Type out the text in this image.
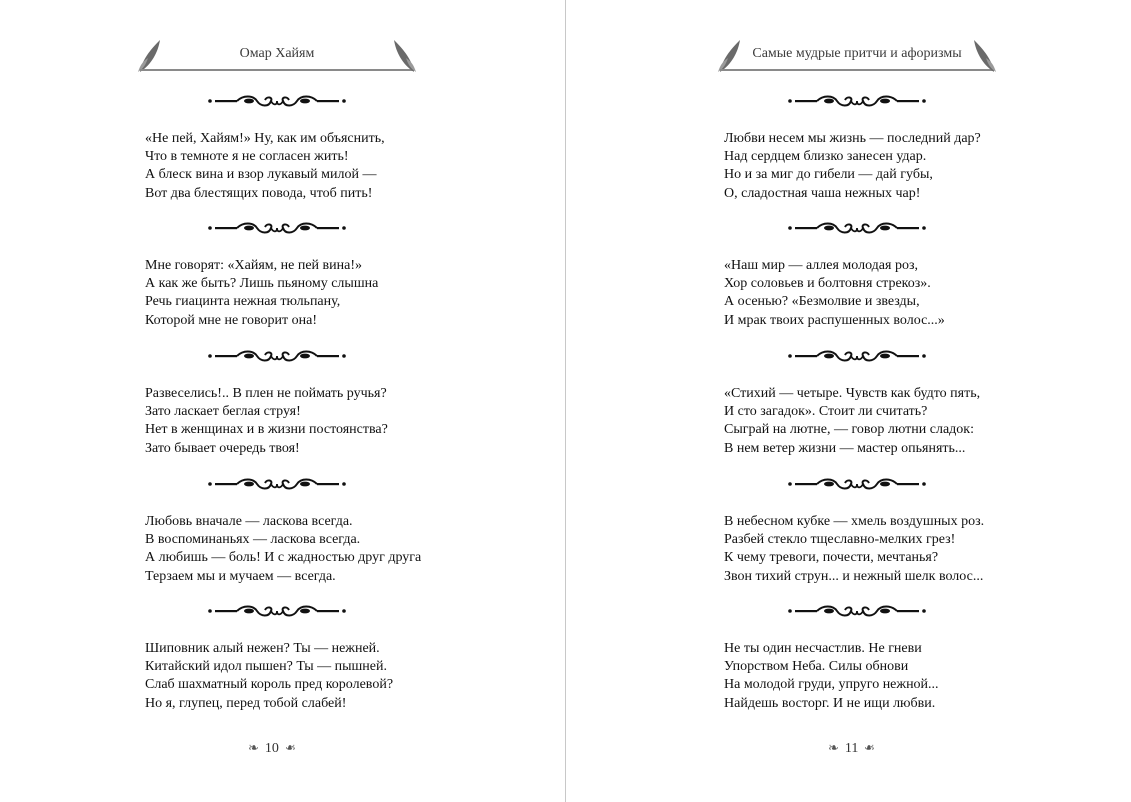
Омар Хайям
«Не пей, Хайям!» Ну, как им объяснить,
Что в темноте я не согласен жить!
А блеск вина и взор лукавый милой —
Вот два блестящих повода, чтоб пить!
Мне говорят: «Хайям, не пей вина!»
А как же быть? Лишь пьяному слышна
Речь гиацинта нежная тюльпану,
Которой мне не говорит она!
Развеселись!.. В плен не поймать ручья?
Зато ласкает беглая струя!
Нет в женщинах и в жизни постоянства?
Зато бывает очередь твоя!
Любовь вначале — ласкова всегда.
В воспоминаньях — ласкова всегда.
А любишь — боль! И с жадностью друг друга
Терзаем мы и мучаем — всегда.
Шиповник алый нежен? Ты — нежней.
Китайский идол пышен? Ты — пышней.
Слаб шахматный король пред королевой?
Но я, глупец, перед тобой слабей!
❧ 10 ❧
Самые мудрые притчи и афоризмы
Любви несем мы жизнь — последний дар?
Над сердцем близко занесен удар.
Но и за миг до гибели — дай губы,
О, сладостная чаша нежных чар!
«Наш мир — аллея молодая роз,
Хор соловьев и болтовня стрекоз».
А осенью? «Безмолвие и звезды,
И мрак твоих распушенных волос...»
«Стихий — четыре. Чувств как будто пять,
И сто загадок». Стоит ли считать?
Сыграй на лютне, — говор лютни сладок:
В нем ветер жизни — мастер опьянять...
В небесном кубке — хмель воздушных роз.
Разбей стекло тщеславно-мелких грез!
К чему тревоги, почести, мечтанья?
Звон тихий струн... и нежный шелк волос...
Не ты один несчастлив. Не гневи
Упорством Неба. Силы обнови
На молодой груди, упруго нежной...
Найдешь восторг. И не ищи любви.
❧ 11 ❧
